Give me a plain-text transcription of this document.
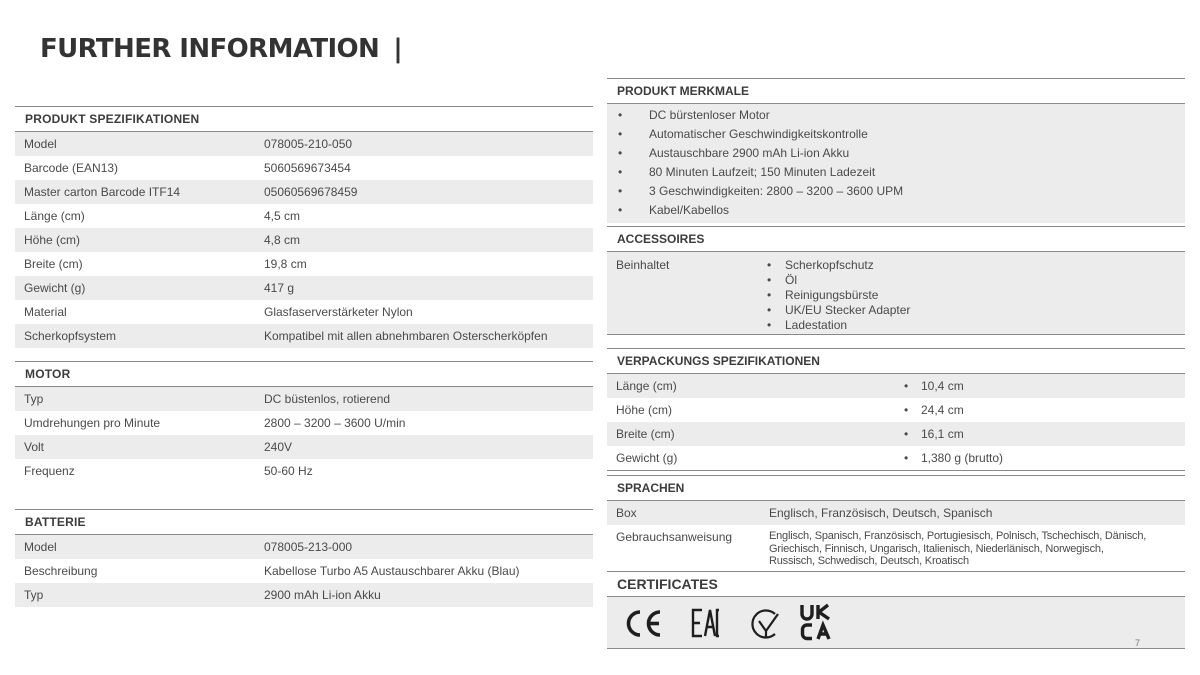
FURTHER INFORMATION |
PRODUKT SPEZIFIKATIONEN
Model	078005-210-050
Barcode (EAN13)	5060569673454
Master carton Barcode ITF14	05060569678459
Länge (cm)	4,5 cm
Höhe (cm)	4,8 cm
Breite (cm)	19,8 cm
Gewicht (g)	417 g
Material	Glasfaserverstärketer Nylon
Scherkopfsystem	Kompatibel mit allen abnehmbaren Osterscherköpfen
MOTOR
Typ	DC büstenlos, rotierend
Umdrehungen pro Minute	2800 – 3200 – 3600 U/min
Volt	240V
Frequenz	50-60 Hz
BATTERIE
Model	078005-213-000
Beschreibung	Kabellose Turbo A5 Austauschbarer Akku (Blau)
Typ	2900 mAh Li-ion Akku
PRODUKT MERKMALE
• DC bürstenloser Motor
• Automatischer Geschwindigkeitskontrolle
• Austauschbare 2900 mAh Li-ion Akku
• 80 Minuten Laufzeit; 150 Minuten Ladezeit
• 3 Geschwindigkeiten: 2800 – 3200 – 3600 UPM
• Kabel/Kabellos
ACCESSOIRES
Beinhaltet	• Scherkopfschutz
• Öl
• Reinigungsbürste
• UK/EU Stecker Adapter
• Ladestation
VERPACKUNGS SPEZIFIKATIONEN
Länge (cm)	• 10,4 cm
Höhe (cm)	• 24,4 cm
Breite (cm)	• 16,1 cm
Gewicht (g)	• 1,380 g (brutto)
SPRACHEN
Box	Englisch, Französisch, Deutsch, Spanisch
Gebrauchsanweisung	Englisch, Spanisch, Französisch, Portugiesisch, Polnisch, Tschechisch, Dänisch,
Griechisch, Finnisch, Ungarisch, Italienisch, Niederlänisch, Norwegisch,
Russisch, Schwedisch, Deutsch, Kroatisch
CERTIFICATES
7
